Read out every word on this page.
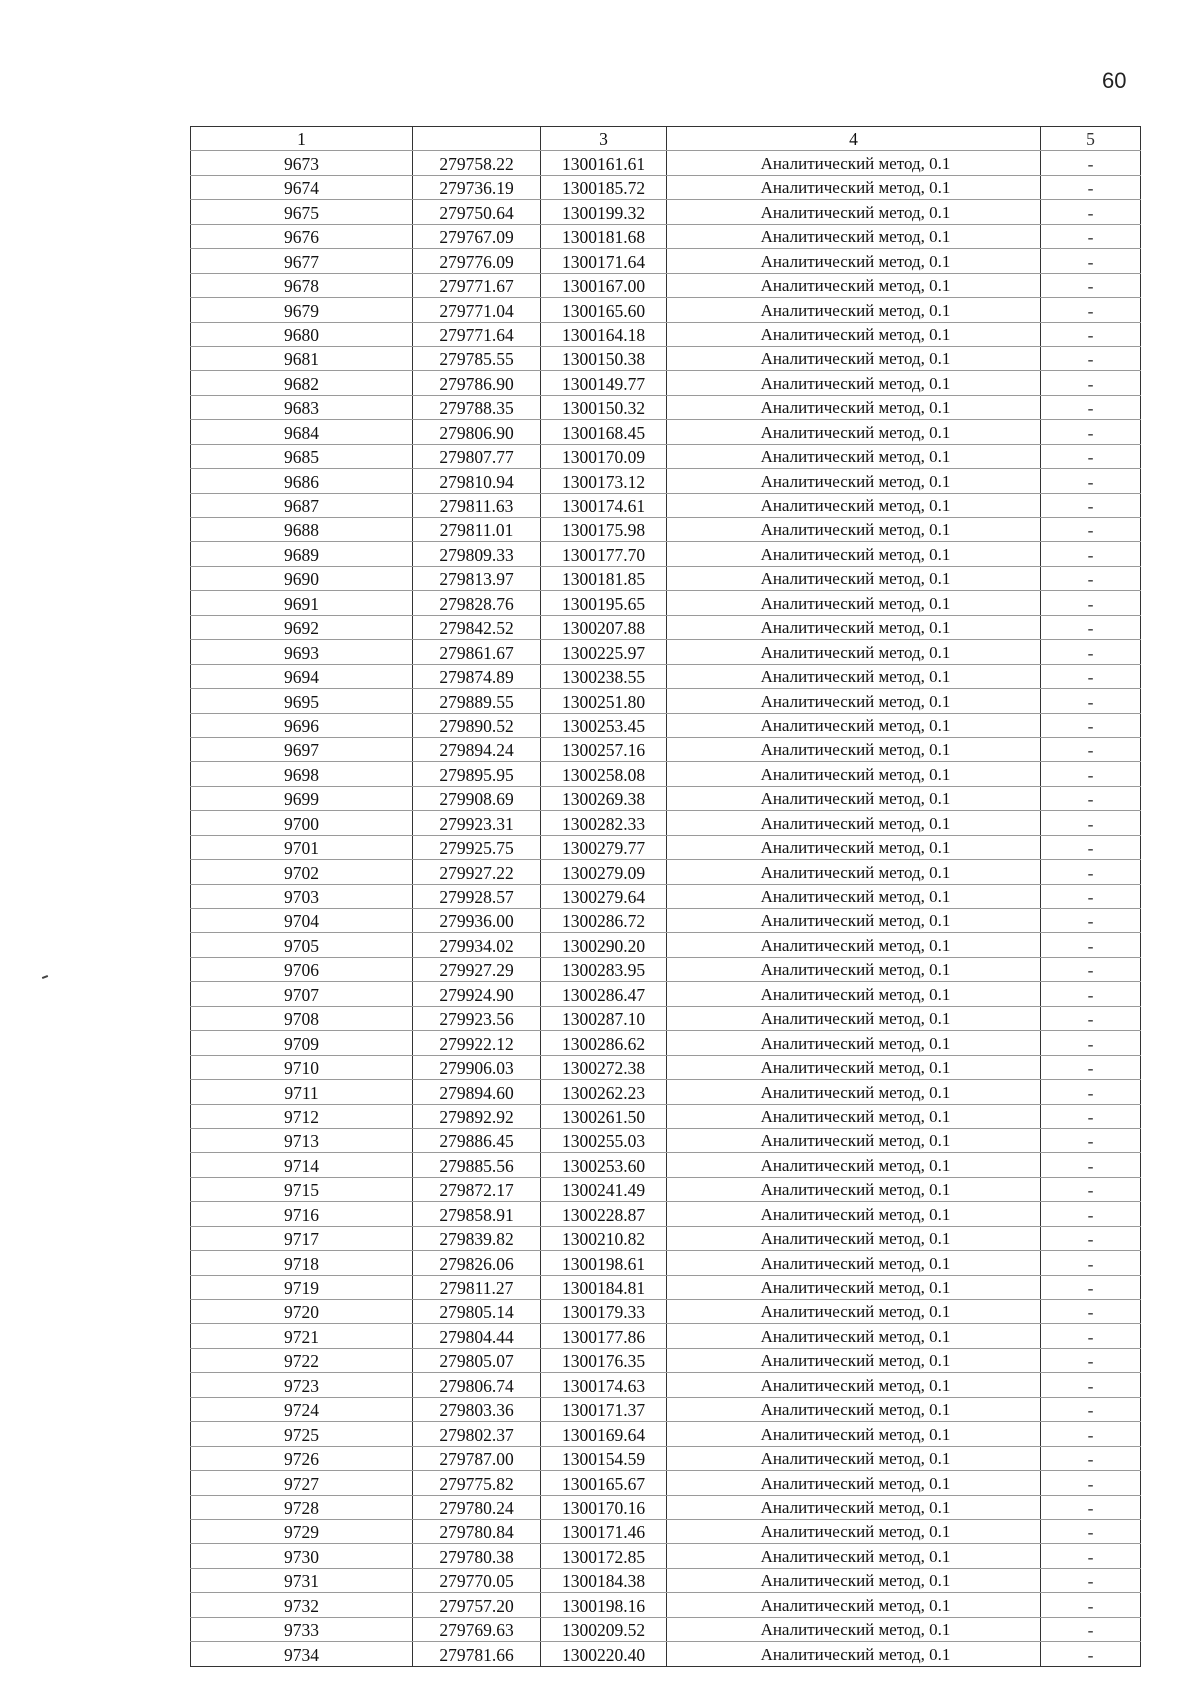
60
1		3	4	5
9673	279758.22	1300161.61	Аналитический метод, 0.1	-
9674	279736.19	1300185.72	Аналитический метод, 0.1	-
9675	279750.64	1300199.32	Аналитический метод, 0.1	-
9676	279767.09	1300181.68	Аналитический метод, 0.1	-
9677	279776.09	1300171.64	Аналитический метод, 0.1	-
9678	279771.67	1300167.00	Аналитический метод, 0.1	-
9679	279771.04	1300165.60	Аналитический метод, 0.1	-
9680	279771.64	1300164.18	Аналитический метод, 0.1	-
9681	279785.55	1300150.38	Аналитический метод, 0.1	-
9682	279786.90	1300149.77	Аналитический метод, 0.1	-
9683	279788.35	1300150.32	Аналитический метод, 0.1	-
9684	279806.90	1300168.45	Аналитический метод, 0.1	-
9685	279807.77	1300170.09	Аналитический метод, 0.1	-
9686	279810.94	1300173.12	Аналитический метод, 0.1	-
9687	279811.63	1300174.61	Аналитический метод, 0.1	-
9688	279811.01	1300175.98	Аналитический метод, 0.1	-
9689	279809.33	1300177.70	Аналитический метод, 0.1	-
9690	279813.97	1300181.85	Аналитический метод, 0.1	-
9691	279828.76	1300195.65	Аналитический метод, 0.1	-
9692	279842.52	1300207.88	Аналитический метод, 0.1	-
9693	279861.67	1300225.97	Аналитический метод, 0.1	-
9694	279874.89	1300238.55	Аналитический метод, 0.1	-
9695	279889.55	1300251.80	Аналитический метод, 0.1	-
9696	279890.52	1300253.45	Аналитический метод, 0.1	-
9697	279894.24	1300257.16	Аналитический метод, 0.1	-
9698	279895.95	1300258.08	Аналитический метод, 0.1	-
9699	279908.69	1300269.38	Аналитический метод, 0.1	-
9700	279923.31	1300282.33	Аналитический метод, 0.1	-
9701	279925.75	1300279.77	Аналитический метод, 0.1	-
9702	279927.22	1300279.09	Аналитический метод, 0.1	-
9703	279928.57	1300279.64	Аналитический метод, 0.1	-
9704	279936.00	1300286.72	Аналитический метод, 0.1	-
9705	279934.02	1300290.20	Аналитический метод, 0.1	-
9706	279927.29	1300283.95	Аналитический метод, 0.1	-
9707	279924.90	1300286.47	Аналитический метод, 0.1	-
9708	279923.56	1300287.10	Аналитический метод, 0.1	-
9709	279922.12	1300286.62	Аналитический метод, 0.1	-
9710	279906.03	1300272.38	Аналитический метод, 0.1	-
9711	279894.60	1300262.23	Аналитический метод, 0.1	-
9712	279892.92	1300261.50	Аналитический метод, 0.1	-
9713	279886.45	1300255.03	Аналитический метод, 0.1	-
9714	279885.56	1300253.60	Аналитический метод, 0.1	-
9715	279872.17	1300241.49	Аналитический метод, 0.1	-
9716	279858.91	1300228.87	Аналитический метод, 0.1	-
9717	279839.82	1300210.82	Аналитический метод, 0.1	-
9718	279826.06	1300198.61	Аналитический метод, 0.1	-
9719	279811.27	1300184.81	Аналитический метод, 0.1	-
9720	279805.14	1300179.33	Аналитический метод, 0.1	-
9721	279804.44	1300177.86	Аналитический метод, 0.1	-
9722	279805.07	1300176.35	Аналитический метод, 0.1	-
9723	279806.74	1300174.63	Аналитический метод, 0.1	-
9724	279803.36	1300171.37	Аналитический метод, 0.1	-
9725	279802.37	1300169.64	Аналитический метод, 0.1	-
9726	279787.00	1300154.59	Аналитический метод, 0.1	-
9727	279775.82	1300165.67	Аналитический метод, 0.1	-
9728	279780.24	1300170.16	Аналитический метод, 0.1	-
9729	279780.84	1300171.46	Аналитический метод, 0.1	-
9730	279780.38	1300172.85	Аналитический метод, 0.1	-
9731	279770.05	1300184.38	Аналитический метод, 0.1	-
9732	279757.20	1300198.16	Аналитический метод, 0.1	-
9733	279769.63	1300209.52	Аналитический метод, 0.1	-
9734	279781.66	1300220.40	Аналитический метод, 0.1	-
